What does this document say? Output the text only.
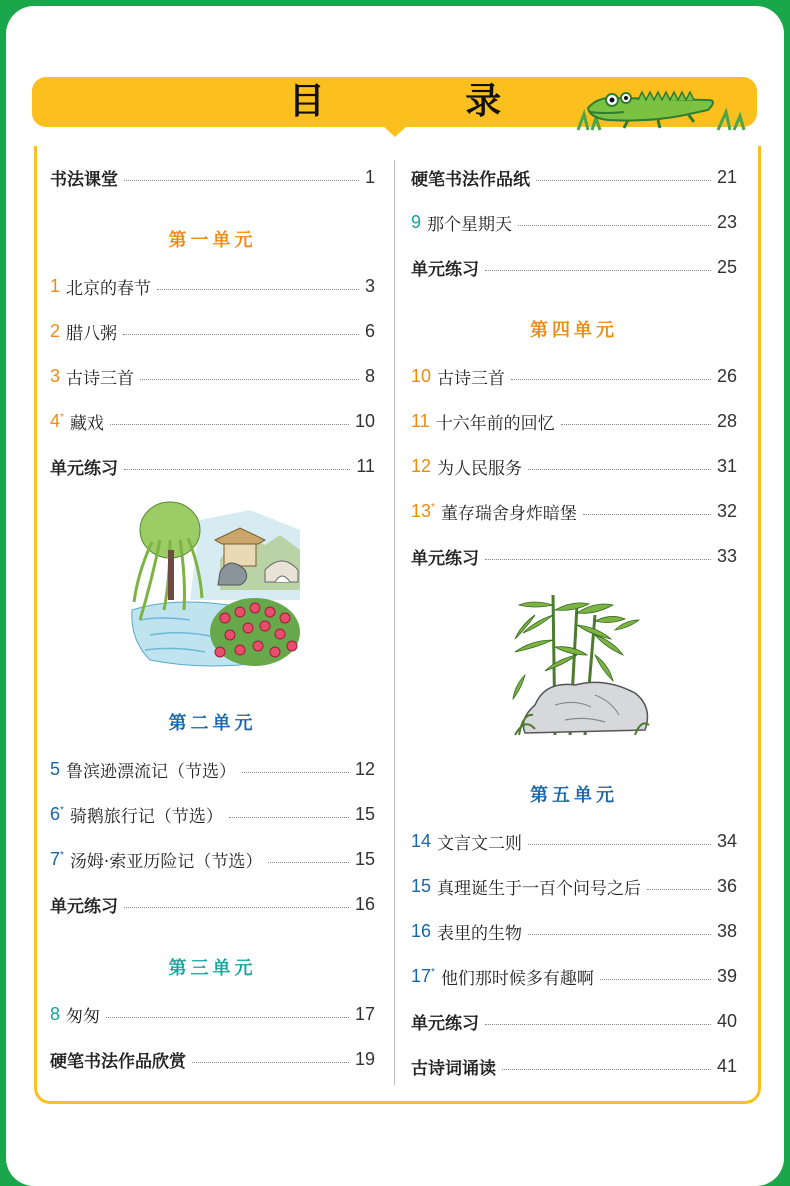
目 录
书法课堂	1
第一单元
1 北京的春节	3
2 腊八粥	6
3 古诗三首	8
4* 藏戏	10
单元练习	11
第二单元
5 鲁滨逊漂流记（节选）	12
6* 骑鹅旅行记（节选）	15
7* 汤姆·索亚历险记（节选）	15
单元练习	16
第三单元
8 匆匆	17
硬笔书法作品欣赏	19
硬笔书法作品纸	21
9 那个星期天	23
单元练习	25
第四单元
10 古诗三首	26
11 十六年前的回忆	28
12 为人民服务	31
13* 董存瑞舍身炸暗堡	32
单元练习	33
第五单元
14 文言文二则	34
15 真理诞生于一百个问号之后	36
16 表里的生物	38
17* 他们那时候多有趣啊	39
单元练习	40
古诗词诵读	41
